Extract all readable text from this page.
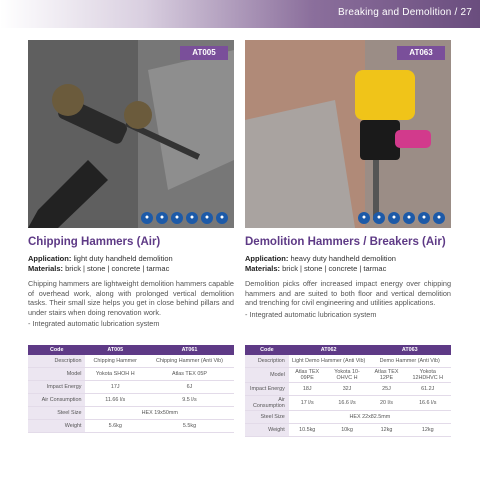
Breaking and Demolition / 27
AT005
●	●	●	●	●	●
AT063
●	●	●	●	●	●
Chipping Hammers (Air)
Application: light duty handheld demolition
Materials: brick | stone | concrete | tarmac
Chipping hammers are lightweight demolition hammers capable of overhead work, along with prolonged vertical demolition tasks. Their small size helps you get in close behind pillars and under stairs when doing renovation work.
- Integrated automatic lubrication system
Demolition Hammers / Breakers (Air)
Application: heavy duty handheld demolition
Materials: brick | stone | concrete | tarmac
Demolition picks offer increased impact energy over chipping hammers and are suited to both floor and vertical demolition and trenching for civil engineering and utilities applications.
- Integrated automatic lubrication system
Code	AT005	AT061
Description	Chipping Hammer	Chipping Hammer (Anti Vib)
Model	Yokota SHOH H	Atlas TEX 05P
Impact Energy	17J	6J
Air Consumption	11.66 l/s	9.5 l/s
Steel Size	HEX 19x50mm	
Weight	5.6kg	5.5kg
Code	AT062		AT063	
Description	Light Demo Hammer (Anti Vib)		Demo Hammer (Anti Vib)	
Model	Atlas TEX 09PE	Yokota 10-OHVC H	Atlas TEX 12PE	Yokota 12HDHVC H
Impact Energy	18J	32J	25J	61.2J
Air Consumption	17 l/s	16.6 l/s	20 l/s	16.6 l/s
Steel Size	HEX 22x82.5mm			
Weight	10.5kg	10kg	12kg	12kg
